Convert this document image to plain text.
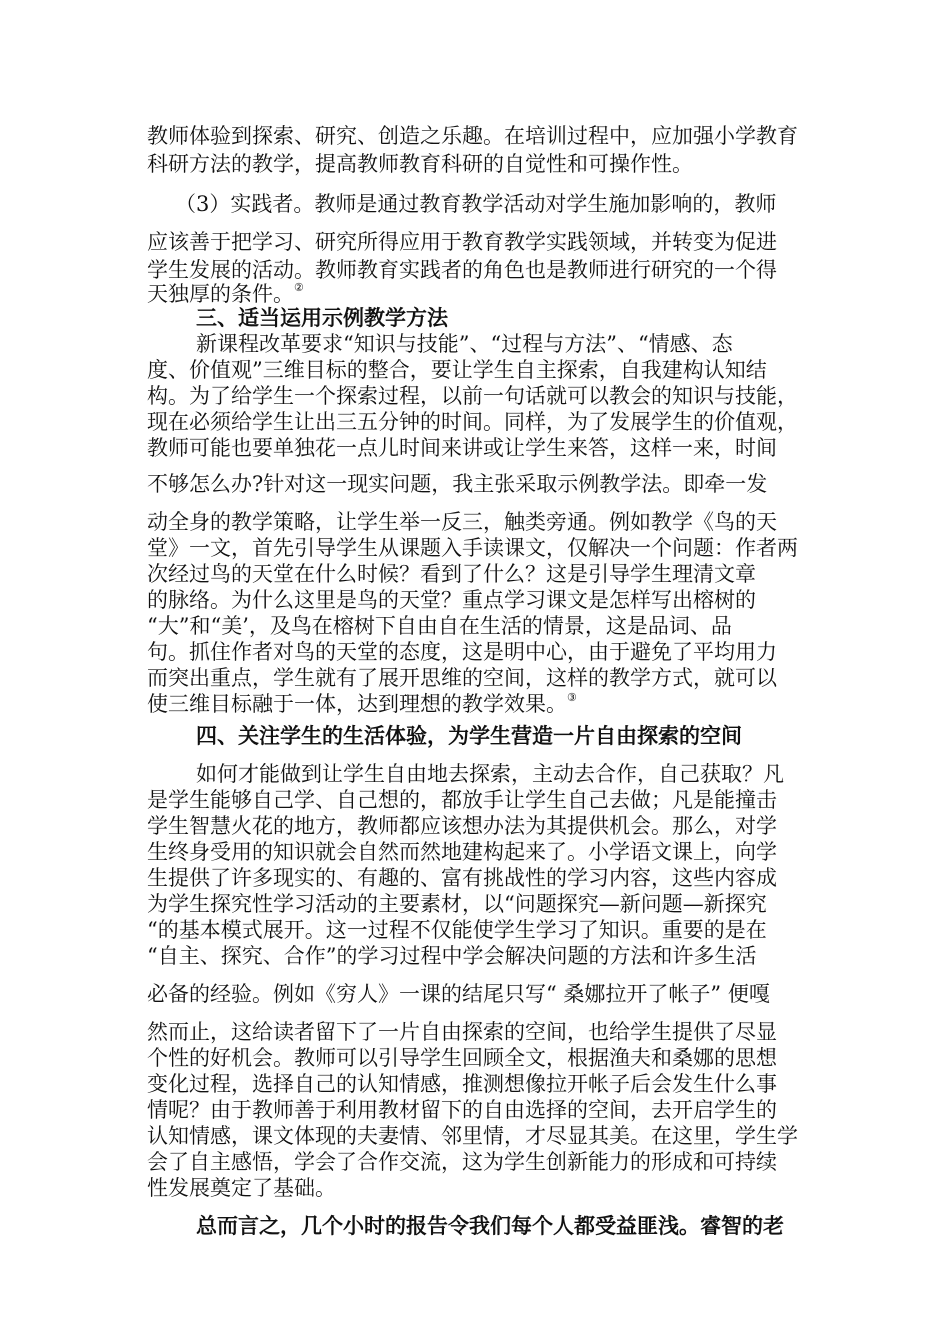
教师体验到探索、研究、创造之乐趣。在培训过程中，应加强小学教育
科研方法的教学，提高教师教育科研的自觉性和可操作性。
（3）实践者。教师是通过教育教学活动对学生施加影响的，教师
应该善于把学习、研究所得应用于教育教学实践领域，并转变为促进
学生发展的活动。教师教育实践者的角色也是教师进行研究的一个得
天独厚的条件。②
三、适当运用示例教学方法
新课程改革要求“知识与技能”、“过程与方法”、“情感、态
度、价值观”三维目标的整合，要让学生自主探索，自我建构认知结
构。为了给学生一个探索过程，以前一句话就可以教会的知识与技能，
现在必须给学生让出三五分钟的时间。同样，为了发展学生的价值观，
教师可能也要单独花一点儿时间来讲或让学生来答，这样一来，时间
不够怎么办?针对这一现实问题，我主张采取示例教学法。即牵一发
动全身的教学策略，让学生举一反三，触类旁通。例如教学《鸟的天
堂》一文，首先引导学生从课题入手读课文，仅解决一个问题：作者两
次经过鸟的天堂在什么时候？看到了什么？这是引导学生理清文章
的脉络。为什么这里是鸟的天堂？重点学习课文是怎样写出榕树的
“大”和“美’，及鸟在榕树下自由自在生活的情景，这是品词、品
句。抓住作者对鸟的天堂的态度，这是明中心，由于避免了平均用力
而突出重点，学生就有了展开思维的空间，这样的教学方式，就可以
使三维目标融于一体，达到理想的教学效果。③
四、关注学生的生活体验，为学生营造一片自由探索的空间
如何才能做到让学生自由地去探索，主动去合作，自己获取？凡
是学生能够自己学、自己想的，都放手让学生自己去做；凡是能撞击
学生智慧火花的地方，教师都应该想办法为其提供机会。那么，对学
生终身受用的知识就会自然而然地建构起来了。小学语文课上，向学
生提供了许多现实的、有趣的、富有挑战性的学习内容，这些内容成
为学生探究性学习活动的主要素材，以“问题探究—新问题—新探究
“的基本模式展开。这一过程不仅能使学生学习了知识。重要的是在
“自主、探究、合作”的学习过程中学会解决问题的方法和许多生活
必备的经验。例如《穷人》一课的结尾只写“ 桑娜拉开了帐子” 便嘎
然而止，这给读者留下了一片自由探索的空间，也给学生提供了尽显
个性的好机会。教师可以引导学生回顾全文，根据渔夫和桑娜的思想
变化过程，选择自己的认知情感，推测想像拉开帐子后会发生什么事
情呢？由于教师善于利用教材留下的自由选择的空间，去开启学生的
认知情感，课文体现的夫妻情、邻里情，才尽显其美。在这里，学生学
会了自主感悟，学会了合作交流，这为学生创新能力的形成和可持续
性发展奠定了基础。
总而言之，几个小时的报告令我们每个人都受益匪浅。睿智的老
